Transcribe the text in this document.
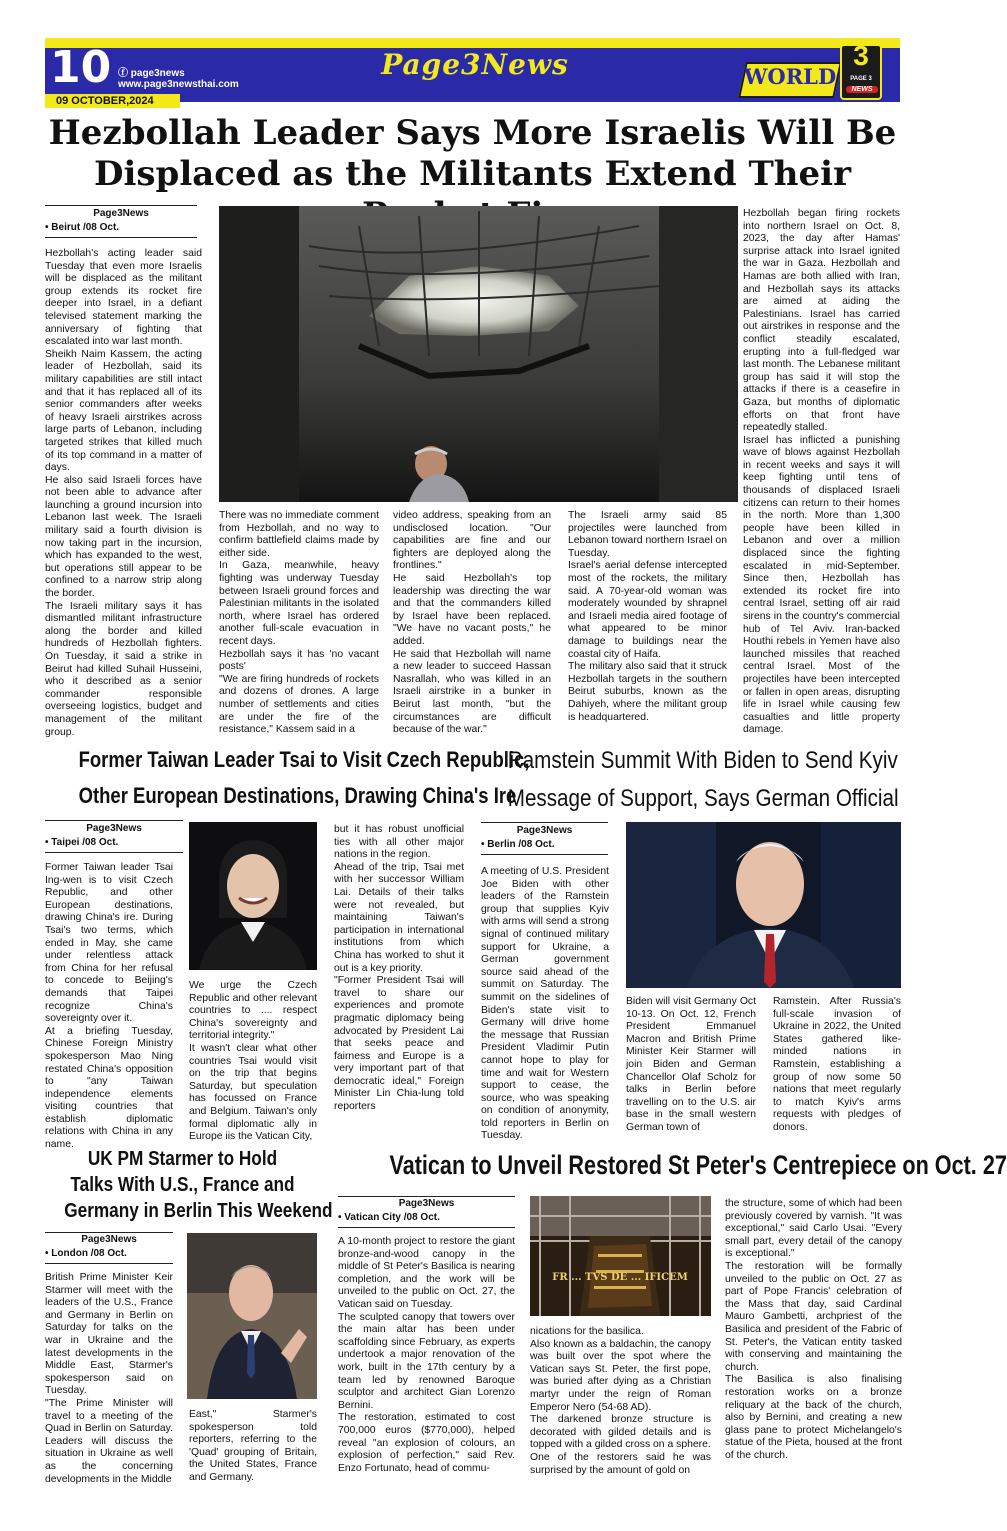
10 ⓕ page3news
www.page3newsthai.com
09 OCTOBER,2024
Page3News	WORLD
3
PAGE 3
NEWS
Hezbollah Leader Says More Israelis Will Be
Displaced as the Militants Extend Their
Page3News
• Beirut /08 Oct.

Hezbollah's acting leader said Tuesday that even more Israelis will be displaced as the militant group extends its rocket fire deeper into Israel, in a defiant televised statement marking the anniversary of fighting that escalated into war last month.

Sheikh Naim Kassem, the acting leader of Hezbollah, said its military capabilities are still intact and that it has replaced all of its senior commanders after weeks of heavy Israeli airstrikes across large parts of Lebanon, including targeted strikes that killed much of its top command in a matter of days.

He also said Israeli forces have not been able to advance after launching a ground incursion into Lebanon last week. The Israeli military said a fourth division is now taking part in the incursion, which has expanded to the west, but operations still appear to be confined to a narrow strip along the border.

The Israeli military says it has dismantled militant infrastructure along the border and killed hundreds of Hezbollah fighters. On Tuesday, it said a strike in Beirut had killed Suhail Husseini, who it described as a senior commander responsible overseeing logistics, budget and management of the militant group.

There was no immediate comment from Hezbollah, and no way to confirm battlefield claims made by either side.

In Gaza, meanwhile, heavy fighting was underway Tuesday between Israeli ground forces and Palestinian militants in the isolated north, where Israel has ordered another full-scale evacuation in recent days.

Hezbollah says it has 'no vacant posts'

"We are firing hundreds of rockets and dozens of drones. A large number of settlements and cities are under the fire of the resistance," Kassem said in a

video address, speaking from an undisclosed location. "Our capabilities are fine and our fighters are deployed along the frontlines."

He said Hezbollah's top leadership was directing the war and that the commanders killed by Israel have been replaced. "We have no vacant posts," he added.

He said that Hezbollah will name a new leader to succeed Hassan Nasrallah, who was killed in an Israeli airstrike in a bunker in Beirut last month, "but the circumstances are difficult because of the war."

The Israeli army said 85 projectiles were launched from Lebanon toward northern Israel on Tuesday.

Israel's aerial defense intercepted most of the rockets, the military said. A 70-year-old woman was moderately wounded by shrapnel and Israeli media aired footage of what appeared to be minor damage to buildings near the coastal city of Haifa.

The military also said that it struck Hezbollah targets in the southern Beirut suburbs, known as the Dahiyeh, where the militant group is headquartered.

Hezbollah began firing rockets into northern Israel on Oct. 8, 2023, the day after Hamas' surprise attack into Israel ignited the war in Gaza. Hezbollah and Hamas are both allied with Iran, and Hezbollah says its attacks are aimed at aiding the Palestinians. Israel has carried out airstrikes in response and the conflict steadily escalated, erupting into a full-fledged war last month. The Lebanese militant group has said it will stop the attacks if there is a ceasefire in Gaza, but months of diplomatic efforts on that front have repeatedly stalled.

Israel has inflicted a punishing wave of blows against Hezbollah in recent weeks and says it will keep fighting until tens of thousands of displaced Israeli citizens can return to their homes in the north. More than 1,300 people have been killed in Lebanon and over a million displaced since the fighting escalated in mid-September. Since then, Hezbollah has extended its rocket fire into central Israel, setting off air raid sirens in the country's commercial hub of Tel Aviv. Iran-backed Houthi rebels in Yemen have also launched missiles that reached central Israel. Most of the projectiles have been intercepted or fallen in open areas, disrupting life in Israel while causing few casualties and little property damage.

Former Taiwan Leader Tsai to Visit Czech Republic,
Other European Destinations, Drawing China's Ire
Page3News
• Taipei /08 Oct.

Former Taiwan leader Tsai Ing-wen is to visit Czech Republic, and other European destinations, drawing China's ire. During Tsai's two terms, which ended in May, she came under relentless attack from China for her refusal to concede to Beijing's demands that Taipei recognize China's sovereignty over it.

At a briefing Tuesday, Chinese Foreign Ministry spokesperson Mao Ning restated China's opposition to "any Taiwan independence elements visiting countries that establish diplomatic relations with China in any name.

We urge the Czech Republic and other relevant countries to .... respect China's sovereignty and territorial integrity."

It wasn't clear what other countries Tsai would visit on the trip that begins Saturday, but speculation has focussed on France and Belgium. Taiwan's only formal diplomatic ally in Europe iis the Vatican City,

but it has robust unofficial ties with all other major nations in the region.

Ahead of the trip, Tsai met with her successor William Lai. Details of their talks were not revealed, but maintaining Taiwan's participation in international institutions from which China has worked to shut it out is a key priority.

"Former President Tsai will travel to share our experiences and promote pragmatic diplomacy being advocated by President Lai that seeks peace and fairness and Europe is a very important part of that democratic ideal," Foreign Minister Lin Chia-lung told reporters

Ramstein Summit With Biden to Send Kyiv
Message of Support, Says German Official
Page3News
• Berlin /08 Oct.

A meeting of U.S. President Joe Biden with other leaders of the Ramstein group that supplies Kyiv with arms will send a strong signal of continued military support for Ukraine, a German government source said ahead of the summit on Saturday. The summit on the sidelines of Biden's state visit to Germany will drive home the message that Russian President Vladimir Putin cannot hope to play for time and wait for Western support to cease, the source, who was speaking on condition of anonymity, told reporters in Berlin on Tuesday.

Biden will visit Germany Oct 10-13. On Oct. 12, French President Emmanuel Macron and British Prime Minister Keir Starmer will join Biden and German Chancellor Olaf Scholz for talks in Berlin before travelling on to the U.S. air base in the small western German town of

Ramstein. After Russia's full-scale invasion of Ukraine in 2022, the United States gathered like-minded nations in Ramstein, establishing a group of now some 50 nations that meet regularly to match Kyiv's arms requests with pledges of donors.

UK PM Starmer to Hold
Talks With U.S., France and
Germany in Berlin This Weekend
Page3News
• London /08 Oct.

British Prime Minister Keir Starmer will meet with the leaders of the U.S., France and Germany in Berlin on Saturday for talks on the war in Ukraine and the latest developments in the Middle East, Starmer's spokesperson said on Tuesday.

"The Prime Minister will travel to a meeting of the Quad in Berlin on Saturday. Leaders will discuss the situation in Ukraine as well as the concerning developments in the Middle

East," Starmer's spokesperson told reporters, referring to the 'Quad' grouping of Britain, the United States, France and Germany.

Vatican to Unveil Restored St Peter's Centrepiece on Oct. 27
Page3News
• Vatican City /08 Oct.

A 10-month project to restore the giant bronze-and-wood canopy in the middle of St Peter's Basilica is nearing completion, and the work will be unveiled to the public on Oct. 27, the Vatican said on Tuesday.

The sculpted canopy that towers over the main altar has been under scaffolding since February, as experts undertook a major renovation of the work, built in the 17th century by a team led by renowned Baroque sculptor and architect Gian Lorenzo Bernini.

The restoration, estimated to cost 700,000 euros ($770,000), helped reveal "an explosion of colours, an explosion of perfection," said Rev. Enzo Fortunato, head of commu-

FR ... TVS DE ... IFICEM

nications for the basilica.

Also known as a baldachin, the canopy was built over the spot where the Vatican says St. Peter, the first pope, was buried after dying as a Christian martyr under the reign of Roman Emperor Nero (54-68 AD).

The darkened bronze structure is decorated with gilded details and is topped with a gilded cross on a sphere.

One of the restorers said he was surprised by the amount of gold on

the structure, some of which had been previously covered by varnish. "It was exceptional," said Carlo Usai. "Every small part, every detail of the canopy is exceptional."

The restoration will be formally unveiled to the public on Oct. 27 as part of Pope Francis' celebration of the Mass that day, said Cardinal Mauro Gambetti, archpriest of the Basilica and president of the Fabric of St. Peter's, the Vatican entity tasked with conserving and maintaining the church.

The Basilica is also finalising restoration works on a bronze reliquary at the back of the church, also by Bernini, and creating a new glass pane to protect Michelangelo's statue of the Pieta, housed at the front of the church.
